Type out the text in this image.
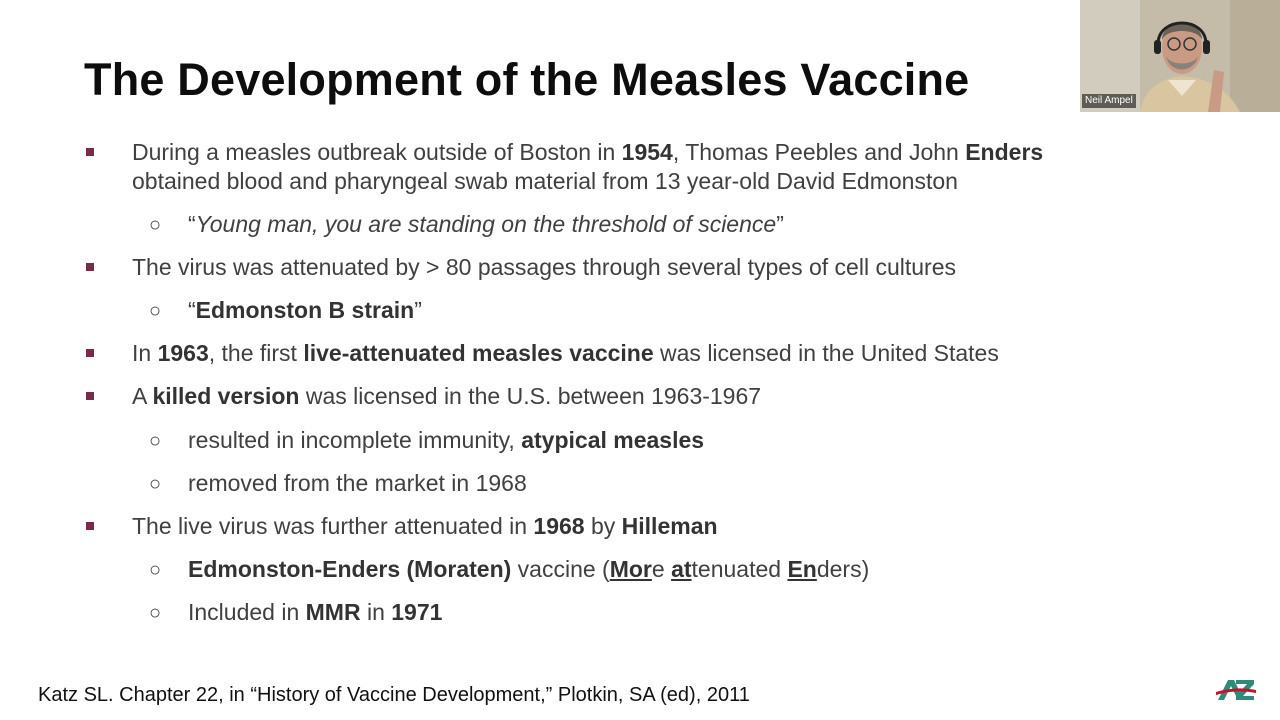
The Development of the Measles Vaccine
During a measles outbreak outside of Boston in 1954, Thomas Peebles and John Enders
obtained blood and pharyngeal swab material from 13 year-old David Edmonston
○ “Young man, you are standing on the threshold of science”
The virus was attenuated by > 80 passages through several types of cell cultures
○ “Edmonston B strain”
In 1963, the first live-attenuated measles vaccine was licensed in the United States
A killed version was licensed in the U.S. between 1963-1967
○ resulted in incomplete immunity, atypical measles
○ removed from the market in 1968
The live virus was further attenuated in 1968 by Hilleman
○ Edmonston-Enders (Moraten) vaccine (More attenuated Enders)
○ Included in MMR in 1971
Katz SL. Chapter 22, in “History of Vaccine Development,” Plotkin, SA (ed), 2011
Neil Ampel
AZ
